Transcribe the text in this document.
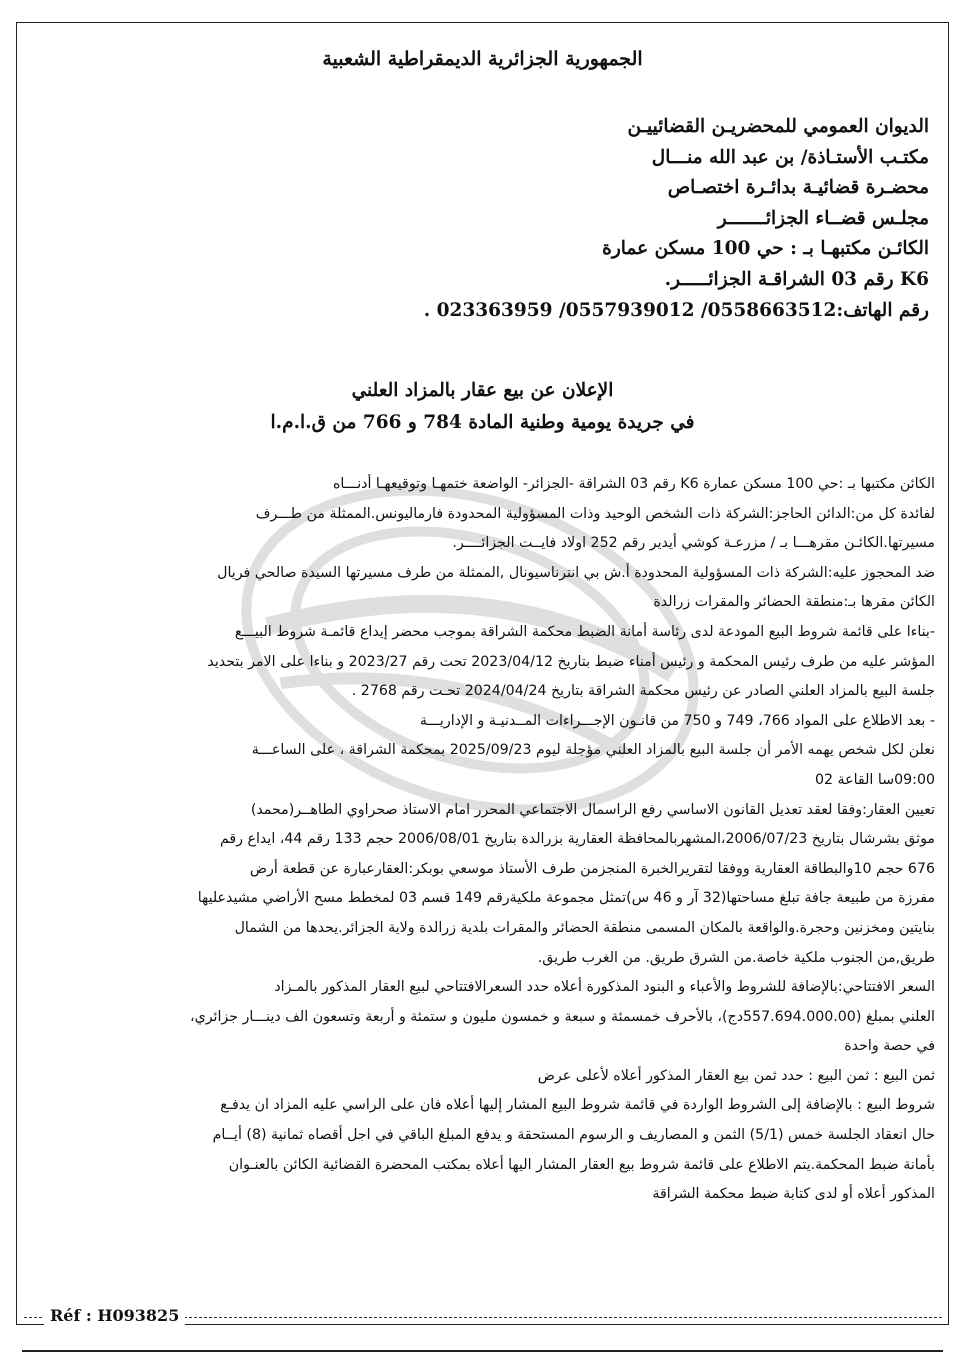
الجمهورية الجزائرية الديمقراطية الشعبية
الديوان العمومي للمحضريـن القضائييـن
مكتـب الأستـاذة/ بن عبد الله منـــال
محضـرة قضائيـة بدائـرة اختصـاص
مجلـس قضــاء الجزائـــــــر
الكائـن مكتبهـا بـ : حي 100 مسكن عمارة
K6 رقم 03 الشراقـة الجزائـــــر.
رقم الهاتف:0558663512/ 0557939012/ 023363959 .
الإعلان عن بيع عقار بالمزاد العلني
في جريدة يومية وطنية المادة 784 و 766 من ق.ا.م.ا
الكائن مكتبها بـ :حي 100 مسكن عمارة K6 رقم 03 الشراقة -الجزائر- الواضعة ختمهـا وتوقيعهـا أدنـــاه
لفائدة كل من:الدائن الحاجز:الشركة ذات الشخص الوحيد وذات المسؤولية المحدودة فارماليونس.الممثلة من طـــرف
مسيرتها.الكائـن مقرهـــا بـ / مزرعـة كوشي أيدير رقم 252 اولاد فايــت الجزائــــر.
ضد المحجوز عليه:الشركة ذات المسؤولية المحدودة أ.ش بي انترناسيونال ,الممثلة من طرف مسيرتها السيدة صالحي فريال
الكائن مقرها بـ:منطقة الحضائر والمقرات زرالدة
-بناءا على قائمة شروط البيع المودعة لدى رئاسة أمانة الضبط محكمة الشراقة بموجب محضر إيداع قائمـة شروط البيـــع
المؤشر عليه من طرف رئيس المحكمة و رئيس أمناء ضبط بتاريخ 2023/04/12 تحت رقم 2023/27 و بناءا على الامر بتحديد
جلسة البيع بالمزاد العلني الصادر عن رئيس محكمة الشراقة بتاريخ 2024/04/24 تحـت رقم 2768 .
- بعد الاطلاع على المواد 766، 749 و 750 من قانـون الإجـــراءات المــدنيـة و الإداريـــة
نعلن لكل شخص يهمه الأمر أن جلسة البيع بالمزاد العلني مؤجلة ليوم 2025/09/23 بمحكمة الشراقة ، على الساعـــة
09:00سا القاعة 02
تعيين العقار:وفقا لعقد تعديل القانون الاساسي رفع الراسمال الاجتماعي المحرر امام الاستاذ صحراوي الطاهــر(محمد)
موثق بشرشال بتاريخ 2006/07/23،المشهربالمحافظة العقارية بزرالدة بتاريخ 2006/08/01 حجم 133 رقم 44، ايداع رقم
676 حجم 10والبطاقة العقارية ووفقا لتقريرالخبرة المنجزمن طرف الأستاذ موسعي بوبكر:العقارعبارة عن قطعة أرض
مفرزة من طبيعة جافة تبلغ مساحتها(32 آر و 46 س)تمثل مجموعة ملكيةرقم 149 قسم 03 لمخطط مسح الأراضي مشيدعليها
بنايتين ومخزنين وحجرة.والواقعة بالمكان المسمى منطقة الحضائر والمقرات بلدية زرالدة ولاية الجزائر.يحدها من الشمال
طريق,من الجنوب ملكية خاصة.من الشرق طريق. من الغرب طريق.
السعر الافتتاحي:بالإضافة للشروط والأعباء و البنود المذكورة أعلاه حدد السعرالافتتاحي لبيع العقار المذكور بالمـزاد
العلني بمبلغ (557.694.000.00دج)، بالأحرف خمسمئة و سبعة و خمسون مليون و ستمئة و أربعة وتسعون الف دينـــار جزائري،
في حصة واحدة
ثمن البيع : ثمن البيع : حدد ثمن بيع العقار المذكور أعلاه لأعلى عرض
شروط البيع : بالإضافة إلى الشروط الواردة في قائمة شروط البيع المشار إليها أعلاه فان على الراسي عليه المزاد ان يدفـع
حال انعقاد الجلسة خمس (5/1) الثمن و المصاريف و الرسوم المستحقة و يدفع المبلغ الباقي في اجل أقصاه ثمانية (8) أيــام
بأمانة ضبط المحكمة.يتم الاطلاع على قائمة شروط بيع العقار المشار اليها أعلاه بمكتب المحضرة القضائية الكائن بالعنـوان
المذكور أعلاه أو لدى كتابة ضبط محكمة الشراقة
Réf : H093825
